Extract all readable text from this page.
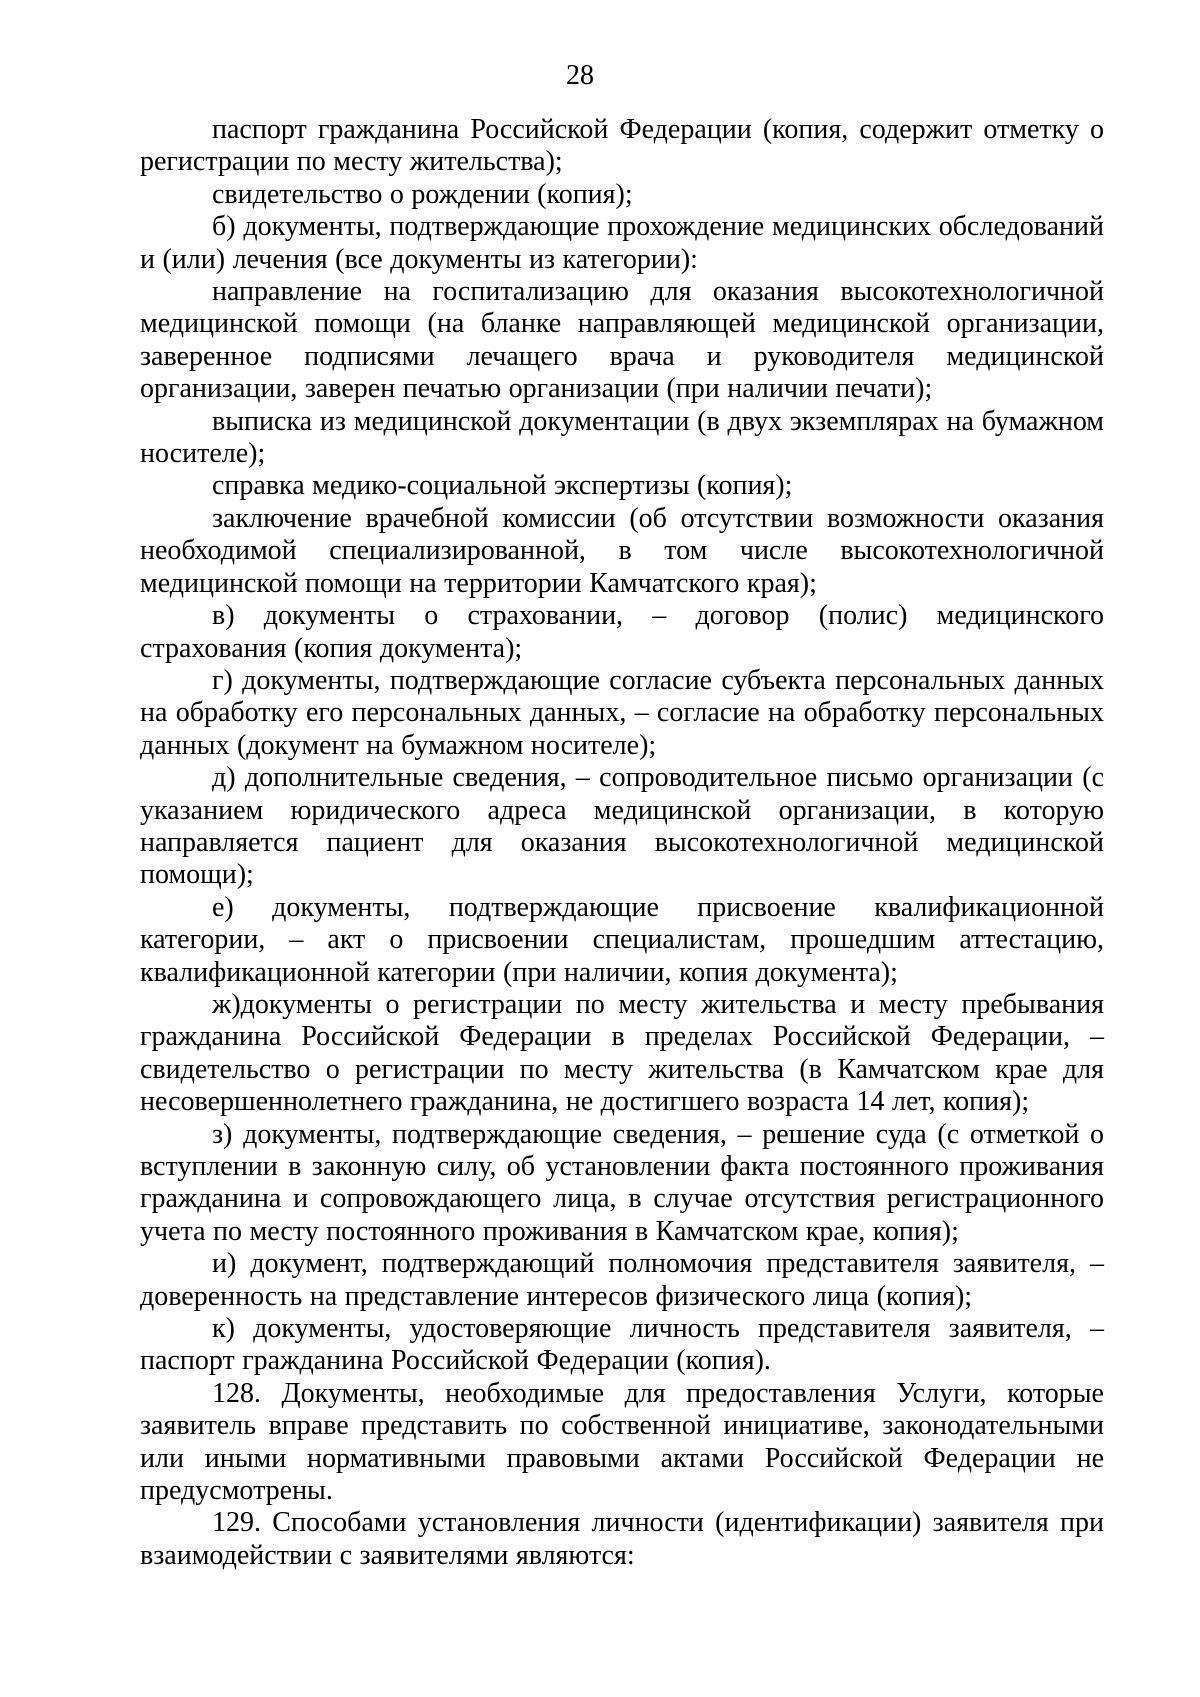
28

паспорт гражданина Российской Федерации (копия, содержит отметку о регистрации по месту жительства);

свидетельство о рождении (копия);

б) документы, подтверждающие прохождение медицинских обследований и (или) лечения (все документы из категории):

направление на госпитализацию для оказания высокотехнологичной медицинской помощи (на бланке направляющей медицинской организации, заверенное подписями лечащего врача и руководителя медицинской организации, заверен печатью организации (при наличии печати);

выписка из медицинской документации (в двух экземплярах на бумажном носителе);

справка медико-социальной экспертизы (копия);

заключение врачебной комиссии (об отсутствии возможности оказания необходимой специализированной, в том числе высокотехнологичной медицинской помощи на территории Камчатского края);

в) документы о страховании, – договор (полис) медицинского страхования (копия документа);

г) документы, подтверждающие согласие субъекта персональных данных на обработку его персональных данных, – согласие на обработку персональных данных (документ на бумажном носителе);

д) дополнительные сведения, – сопроводительное письмо организации (с указанием юридического адреса медицинской организации, в которую направляется пациент для оказания высокотехнологичной медицинской помощи);

е) документы, подтверждающие присвоение квалификационной категории, – акт о присвоении специалистам, прошедшим аттестацию, квалификационной категории (при наличии, копия документа);

ж)документы о регистрации по месту жительства и месту пребывания гражданина Российской Федерации в пределах Российской Федерации, – свидетельство о регистрации по месту жительства (в Камчатском крае для несовершеннолетнего гражданина, не достигшего возраста 14 лет, копия);

з) документы, подтверждающие сведения, – решение суда (с отметкой о вступлении в законную силу, об установлении факта постоянного проживания гражданина и сопровождающего лица, в случае отсутствия регистрационного учета по месту постоянного проживания в Камчатском крае, копия);

и) документ, подтверждающий полномочия представителя заявителя, – доверенность на представление интересов физического лица (копия);

к) документы, удостоверяющие личность представителя заявителя, – паспорт гражданина Российской Федерации (копия).

128. Документы, необходимые для предоставления Услуги, которые заявитель вправе представить по собственной инициативе, законодательными или иными нормативными правовыми актами Российской Федерации не предусмотрены.

129. Способами установления личности (идентификации) заявителя при взаимодействии с заявителями являются:
